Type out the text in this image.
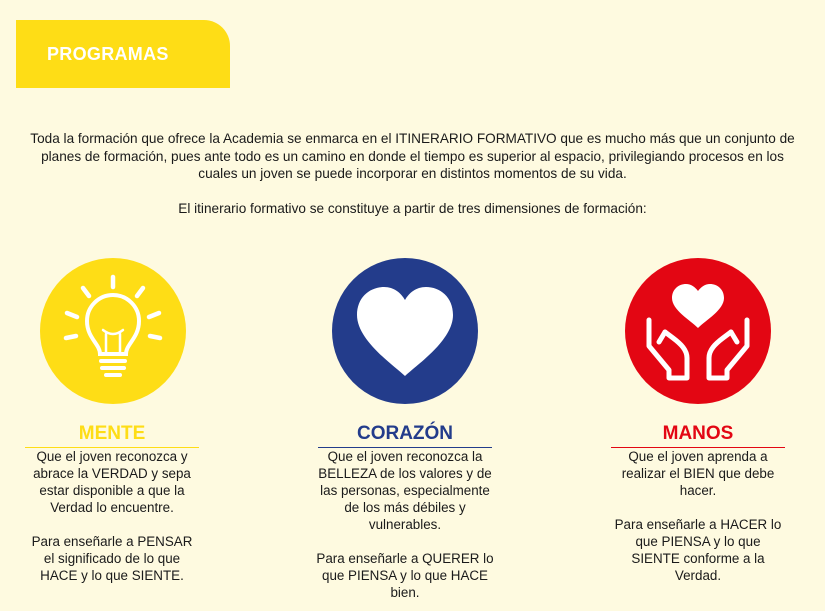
PROGRAMAS

Toda la formación que ofrece la Academia se enmarca en el ITINERARIO FORMATIVO que es mucho más que un conjunto de planes de formación, pues ante todo es un camino en donde el tiempo es superior al espacio, privilegiando procesos en los cuales un joven se puede incorporar en distintos momentos de su vida.

El itinerario formativo se constituye a partir de tres dimensiones de formación:

MENTE	CORAZÓN	MANOS

Que el joven reconozca y abrace la VERDAD y sepa estar disponible a que la Verdad lo encuentre.

Para enseñarle a PENSAR el significado de lo que HACE y lo que SIENTE.

Que el joven reconozca la BELLEZA de los valores y de las personas, especialmente de los más débiles y vulnerables.

Para enseñarle a QUERER lo que PIENSA y lo que HACE bien.

Que el joven aprenda a realizar el BIEN que debe hacer.

Para enseñarle a HACER lo que PIENSA y lo que SIENTE conforme a la Verdad.
